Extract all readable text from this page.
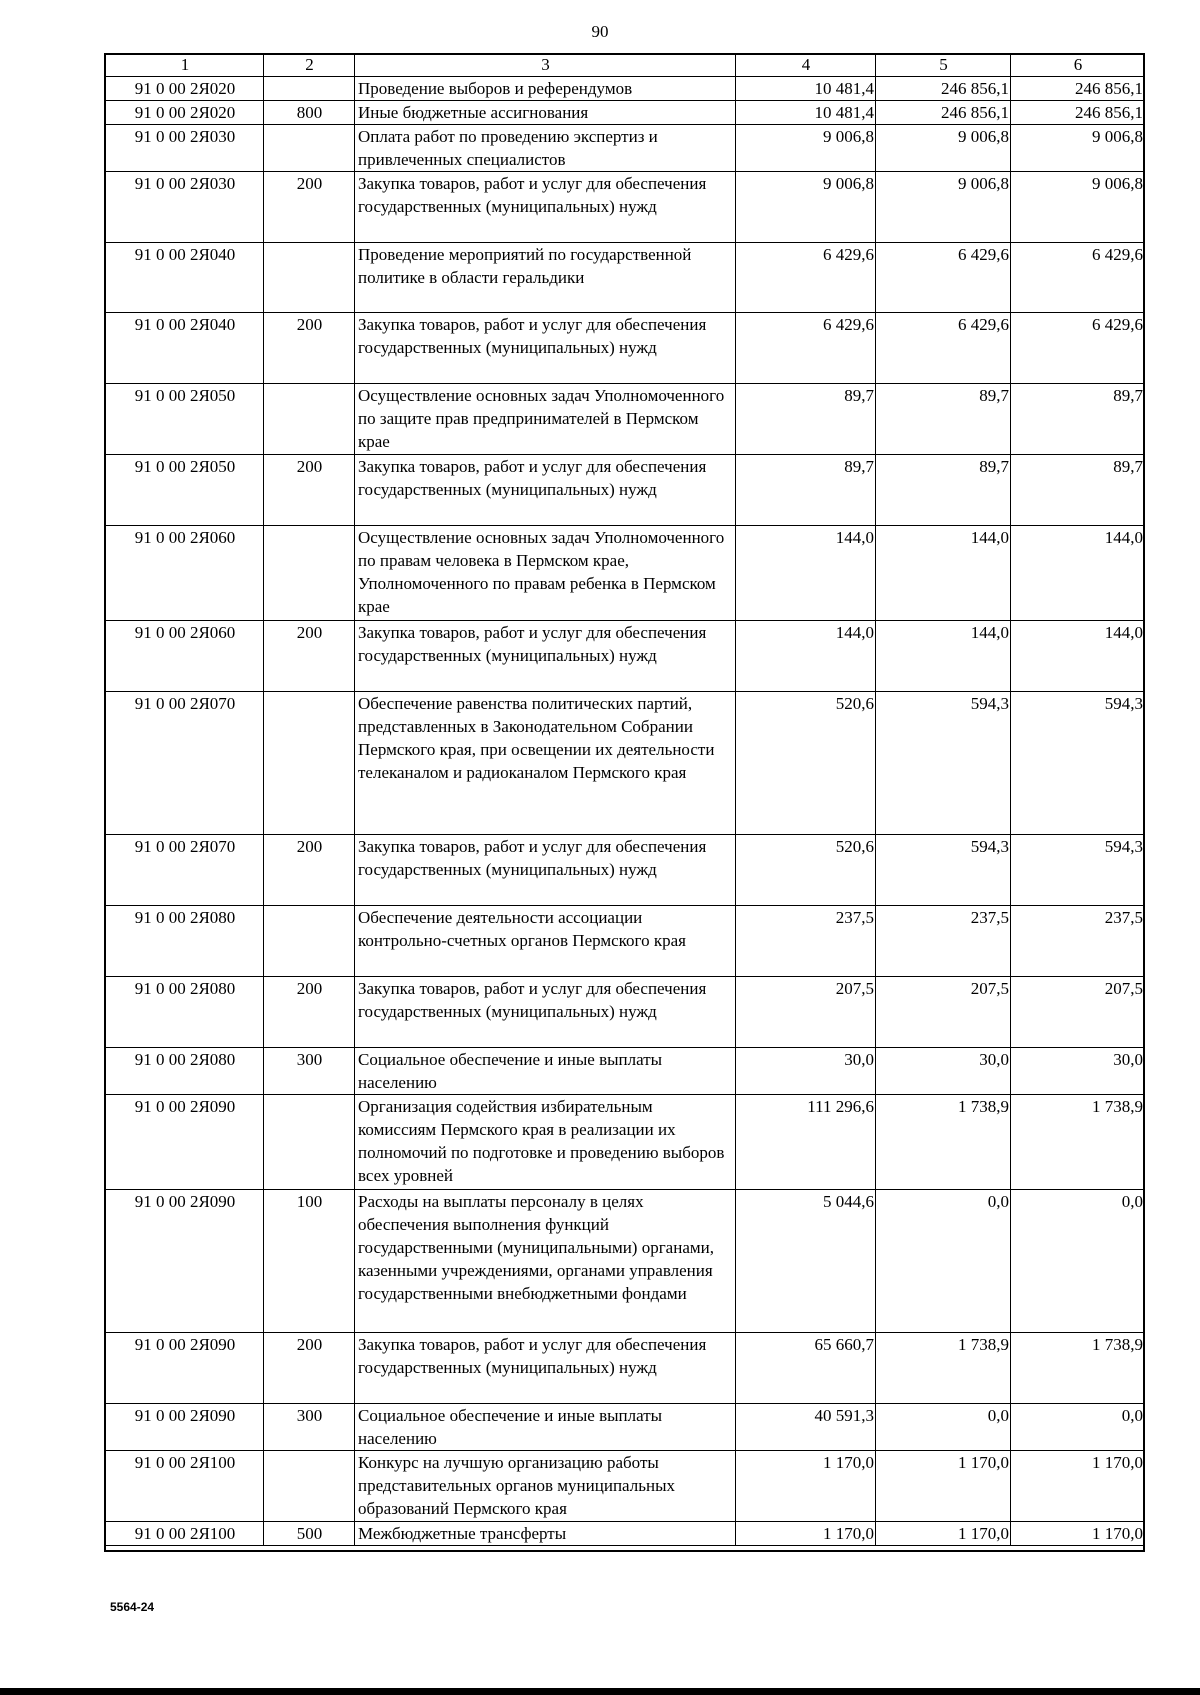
90
1	2	3	4	5	6
91 0 00 2Я020		Проведение выборов и референдумов	10 481,4	246 856,1	246 856,1
91 0 00 2Я020	800	Иные бюджетные ассигнования	10 481,4	246 856,1	246 856,1
91 0 00 2Я030		Оплата работ по проведению экспертиз и привлеченных специалистов	9 006,8	9 006,8	9 006,8
91 0 00 2Я030	200	Закупка товаров, работ и услуг для обеспечения государственных (муниципальных) нужд	9 006,8	9 006,8	9 006,8
91 0 00 2Я040		Проведение мероприятий по государственной политике в области геральдики	6 429,6	6 429,6	6 429,6
91 0 00 2Я040	200	Закупка товаров, работ и услуг для обеспечения государственных (муниципальных) нужд	6 429,6	6 429,6	6 429,6
91 0 00 2Я050		Осуществление основных задач Уполномоченного по защите прав предпринимателей в Пермском крае	89,7	89,7	89,7
91 0 00 2Я050	200	Закупка товаров, работ и услуг для обеспечения государственных (муниципальных) нужд	89,7	89,7	89,7
91 0 00 2Я060		Осуществление основных задач Уполномоченного по правам человека в Пермском крае, Уполномоченного по правам ребенка в Пермском крае	144,0	144,0	144,0
91 0 00 2Я060	200	Закупка товаров, работ и услуг для обеспечения государственных (муниципальных) нужд	144,0	144,0	144,0
91 0 00 2Я070		Обеспечение равенства политических партий, представленных в Законодательном Собрании Пермского края, при освещении их деятельности телеканалом и радиоканалом Пермского края	520,6	594,3	594,3
91 0 00 2Я070	200	Закупка товаров, работ и услуг для обеспечения государственных (муниципальных) нужд	520,6	594,3	594,3
91 0 00 2Я080		Обеспечение деятельности ассоциации контрольно-счетных органов Пермского края	237,5	237,5	237,5
91 0 00 2Я080	200	Закупка товаров, работ и услуг для обеспечения государственных (муниципальных) нужд	207,5	207,5	207,5
91 0 00 2Я080	300	Социальное обеспечение и иные выплаты населению	30,0	30,0	30,0
91 0 00 2Я090		Организация содействия избирательным комиссиям Пермского края в реализации их полномочий по подготовке и проведению выборов всех уровней	111 296,6	1 738,9	1 738,9
91 0 00 2Я090	100	Расходы на выплаты персоналу в целях обеспечения выполнения функций государственными (муниципальными) органами, казенными учреждениями, органами управления государственными внебюджетными фондами	5 044,6	0,0	0,0
91 0 00 2Я090	200	Закупка товаров, работ и услуг для обеспечения государственных (муниципальных) нужд	65 660,7	1 738,9	1 738,9
91 0 00 2Я090	300	Социальное обеспечение и иные выплаты населению	40 591,3	0,0	0,0
91 0 00 2Я100		Конкурс на лучшую организацию работы представительных органов муниципальных образований Пермского края	1 170,0	1 170,0	1 170,0
91 0 00 2Я100	500	Межбюджетные трансферты	1 170,0	1 170,0	1 170,0
5564-24
